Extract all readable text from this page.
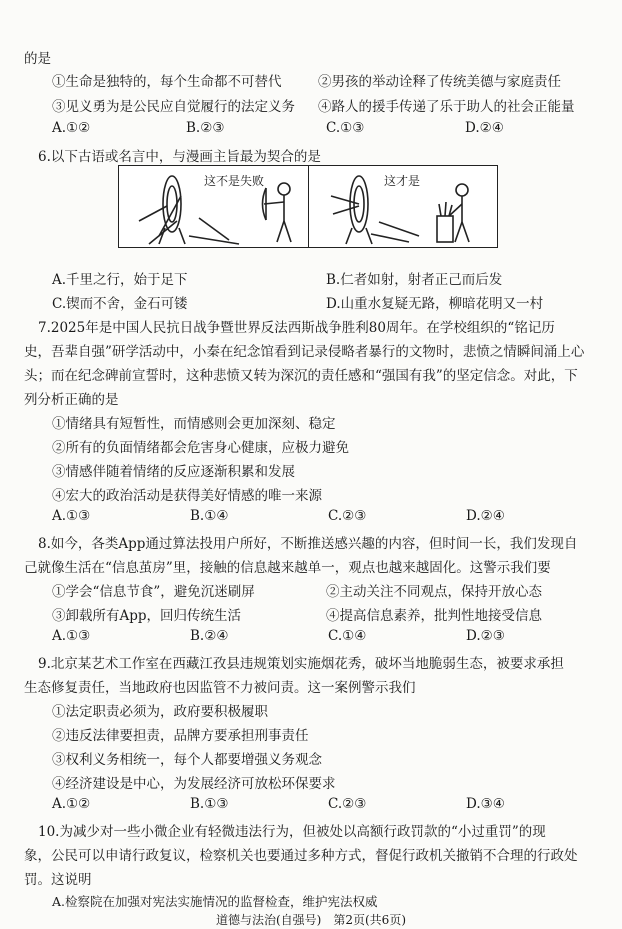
的是
①生命是独特的，每个生命都不可替代	②男孩的举动诠释了传统美德与家庭责任
③见义勇为是公民应自觉履行的法定义务 ④路人的援手传递了乐于助人的社会正能量
A.①②	B.②③	C.①③	D.②④
6.以下古语或名言中，与漫画主旨最为契合的是
这不是失败	这才是
A.千里之行，始于足下	B.仁者如射，射者正己而后发
C.锲而不舍，金石可镂	D.山重水复疑无路，柳暗花明又一村
7.2025年是中国人民抗日战争暨世界反法西斯战争胜利80周年。在学校组织的“铭记历
史，吾辈自强”研学活动中，小秦在纪念馆看到记录侵略者暴行的文物时，悲愤之情瞬间涌上心
头；而在纪念碑前宣誓时，这种悲愤又转为深沉的责任感和“强国有我”的坚定信念。对此，下
列分析正确的是
①情绪具有短暂性，而情感则会更加深刻、稳定
②所有的负面情绪都会危害身心健康，应极力避免
③情感伴随着情绪的反应逐渐积累和发展
④宏大的政治活动是获得美好情感的唯一来源
A.①③	B.①④	C.②③	D.②④
8.如今，各类App通过算法投用户所好，不断推送感兴趣的内容，但时间一长，我们发现自
己就像生活在“信息茧房”里，接触的信息越来越单一，观点也越来越固化。这警示我们要
①学会“信息节食”，避免沉迷刷屏	②主动关注不同观点，保持开放心态
③卸载所有App，回归传统生活	④提高信息素养，批判性地接受信息
A.①③	B.②④	C.①④	D.②③
9.北京某艺术工作室在西藏江孜县违规策划实施烟花秀，破坏当地脆弱生态，被要求承担
生态修复责任，当地政府也因监管不力被问责。这一案例警示我们
①法定职责必须为，政府要积极履职
②违反法律要担责，品牌方要承担刑事责任
③权利义务相统一，每个人都要增强义务观念
④经济建设是中心，为发展经济可放松环保要求
A.①②	B.①③	C.②③	D.③④
10.为减少对一些小微企业有轻微违法行为，但被处以高额行政罚款的“小过重罚”的现
象，公民可以申请行政复议，检察机关也要通过多种方式，督促行政机关撤销不合理的行政处
罚。这说明
A.检察院在加强对宪法实施情况的监督检查，维护宪法权威
道德与法治(自强号)　第2页(共6页)
